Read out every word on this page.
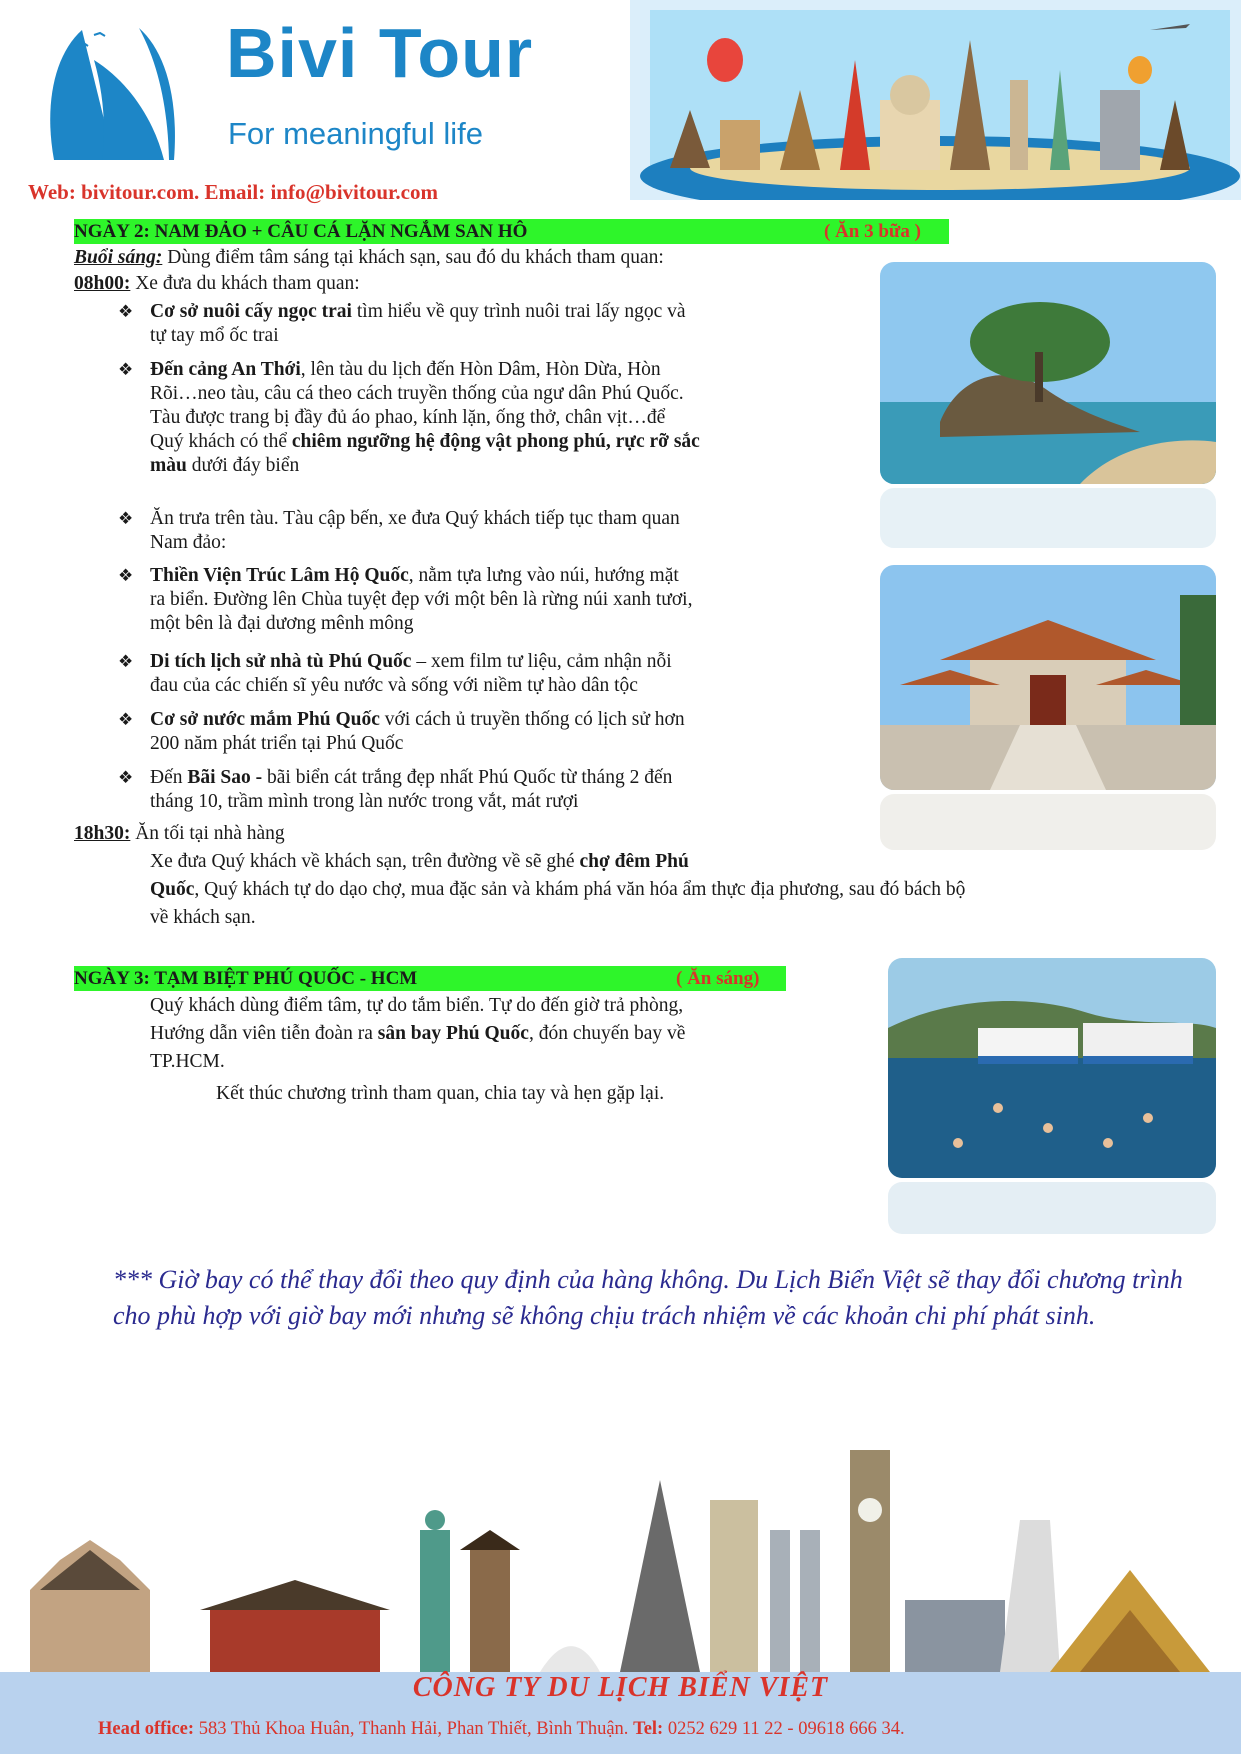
Bivi Tour
For meaningful life
Web: bivitour.com. Email: info@bivitour.com
NGÀY 2: NAM ĐẢO + CÂU CÁ LẶN NGẮM SAN HÔ	( Ăn 3 bữa )
Buổi sáng: Dùng điểm tâm sáng tại khách sạn, sau đó du khách tham quan:
08h00: Xe đưa du khách tham quan:
❖ Cơ sở nuôi cấy ngọc trai tìm hiểu về quy trình nuôi trai lấy ngọc và
tự tay mổ ốc trai
❖ Đến cảng An Thới, lên tàu du lịch đến Hòn Dâm, Hòn Dừa, Hòn
Rõi…neo tàu, câu cá theo cách truyền thống của ngư dân Phú Quốc.
Tàu được trang bị đầy đủ áo phao, kính lặn, ống thở, chân vịt…để
Quý khách có thể chiêm ngưỡng hệ động vật phong phú, rực rỡ sắc
màu dưới đáy biển
❖ Ăn trưa trên tàu. Tàu cập bến, xe đưa Quý khách tiếp tục tham quan
Nam đảo:
❖ Thiền Viện Trúc Lâm Hộ Quốc, nằm tựa lưng vào núi, hướng mặt
ra biển. Đường lên Chùa tuyệt đẹp với một bên là rừng núi xanh tươi,
một bên là đại dương mênh mông
❖ Di tích lịch sử nhà tù Phú Quốc – xem film tư liệu, cảm nhận nỗi
đau của các chiến sĩ yêu nước và sống với niềm tự hào dân tộc
❖ Cơ sở nước mắm Phú Quốc với cách ủ truyền thống có lịch sử hơn
200 năm phát triển tại Phú Quốc
❖ Đến Bãi Sao - bãi biển cát trắng đẹp nhất Phú Quốc từ tháng 2 đến
tháng 10, trầm mình trong làn nước trong vắt, mát rượi
18h30: Ăn tối tại nhà hàng
Xe đưa Quý khách về khách sạn, trên đường về sẽ ghé chợ đêm Phú
Quốc, Quý khách tự do dạo chợ, mua đặc sản và khám phá văn hóa ẩm thực địa phương, sau đó bách bộ
về khách sạn.
NGÀY 3: TẠM BIỆT PHÚ QUỐC - HCM	( Ăn sáng)
Quý khách dùng điểm tâm, tự do tắm biển. Tự do đến giờ trả phòng,
Hướng dẫn viên tiễn đoàn ra sân bay Phú Quốc, đón chuyến bay về
TP.HCM.
Kết thúc chương trình tham quan, chia tay và hẹn gặp lại.
*** Giờ bay có thể thay đổi theo quy định của hàng không. Du Lịch Biển Việt sẽ thay đổi chương trình cho phù hợp với giờ bay mới nhưng sẽ không chịu trách nhiệm về các khoản chi phí phát sinh.
CÔNG TY DU LỊCH BIỂN VIỆT
Head office: 583 Thủ Khoa Huân, Thanh Hải, Phan Thiết, Bình Thuận. Tel: 0252 629 11 22 - 09618 666 34.
